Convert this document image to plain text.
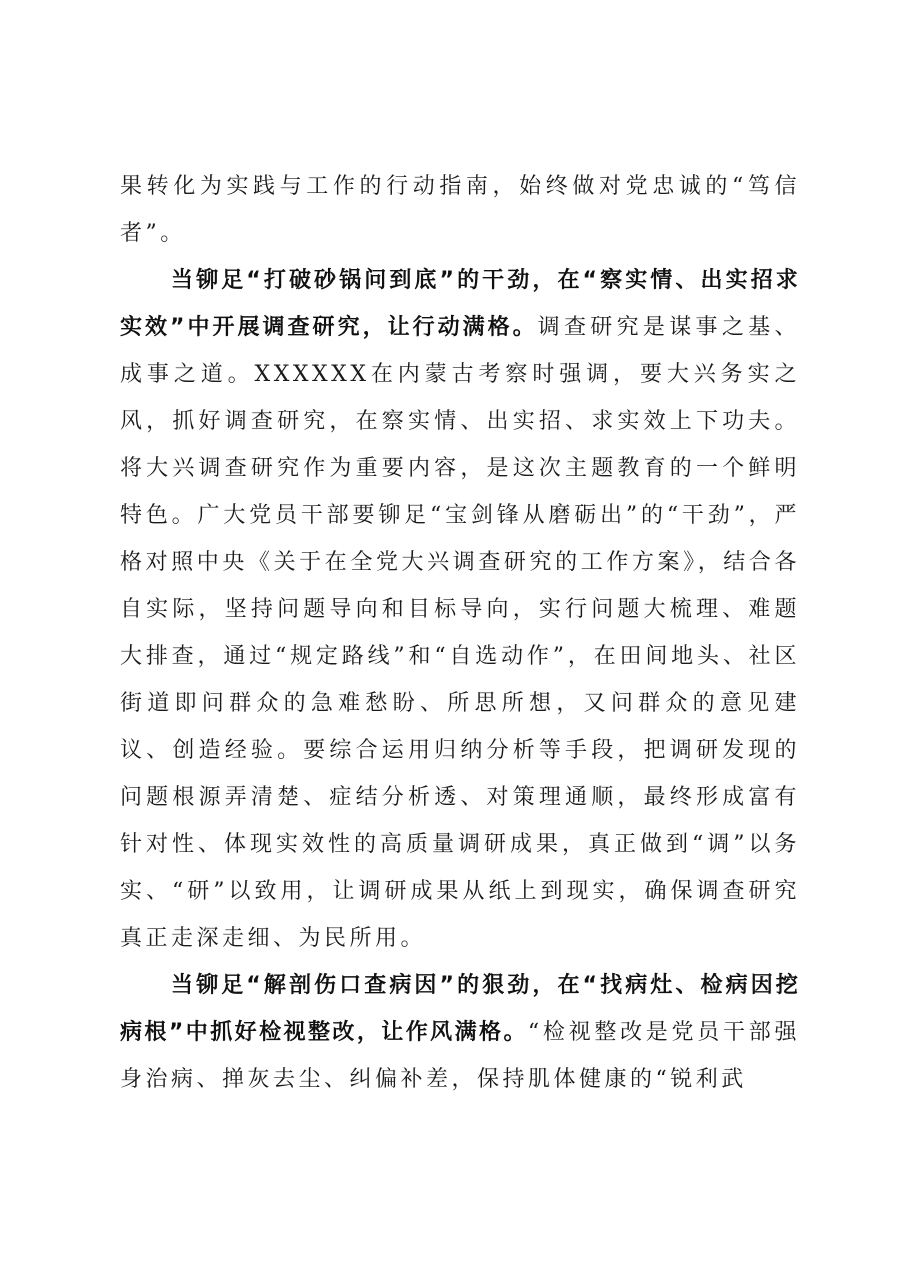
果转化为实践与工作的行动指南，始终做对党忠诚的“笃信者”。

当铆足“打破砂锅问到底”的干劲，在“察实情、出实招求实效”中开展调查研究，让行动满格。调查研究是谋事之基、成事之道。XXXXXX在内蒙古考察时强调，要大兴务实之风，抓好调查研究，在察实情、出实招、求实效上下功夫。将大兴调查研究作为重要内容，是这次主题教育的一个鲜明特色。广大党员干部要铆足“宝剑锋从磨砺出”的“干劲”，严格对照中央《关于在全党大兴调查研究的工作方案》，结合各自实际，坚持问题导向和目标导向，实行问题大梳理、难题大排查，通过“规定路线”和“自选动作”，在田间地头、社区街道即问群众的急难愁盼、所思所想，又问群众的意见建议、创造经验。要综合运用归纳分析等手段，把调研发现的问题根源弄清楚、症结分析透、对策理通顺，最终形成富有针对性、体现实效性的高质量调研成果，真正做到“调”以务实、“研”以致用，让调研成果从纸上到现实，确保调查研究真正走深走细、为民所用。

当铆足“解剖伤口查病因”的狠劲，在“找病灶、检病因挖病根”中抓好检视整改，让作风满格。“检视整改是党员干部强身治病、掸灰去尘、纠偏补差，保持肌体健康的“锐利武
